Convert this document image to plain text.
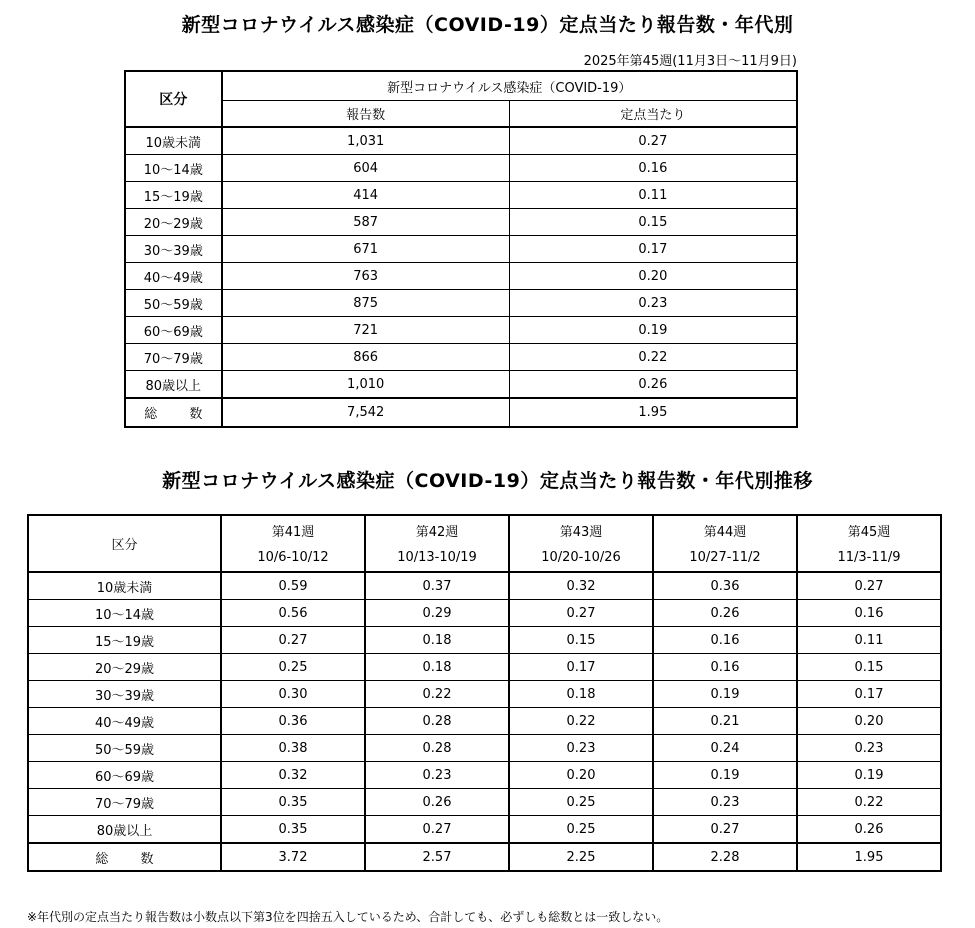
新型コロナウイルス感染症（COVID-19）定点当たり報告数・年代別
2025年第45週(11月3日～11月9日)
区分	新型コロナウイルス感染症（COVID-19）	
	報告数	定点当たり
10歳未満	1,031	0.27
10～14歳	604	0.16
15～19歳	414	0.11
20～29歳	587	0.15
30～39歳	671	0.17
40～49歳	763	0.20
50～59歳	875	0.23
60～69歳	721	0.19
70～79歳	866	0.22
80歳以上	1,010	0.26
総 数	7,542	1.95
新型コロナウイルス感染症（COVID-19）定点当たり報告数・年代別推移
区分	第41週	第42週	第43週	第44週	第45週
	10/6-10/12	10/13-10/19	10/20-10/26	10/27-11/2	11/3-11/9
10歳未満	0.59	0.37	0.32	0.36	0.27
10～14歳	0.56	0.29	0.27	0.26	0.16
15～19歳	0.27	0.18	0.15	0.16	0.11
20～29歳	0.25	0.18	0.17	0.16	0.15
30～39歳	0.30	0.22	0.18	0.19	0.17
40～49歳	0.36	0.28	0.22	0.21	0.20
50～59歳	0.38	0.28	0.23	0.24	0.23
60～69歳	0.32	0.23	0.20	0.19	0.19
70～79歳	0.35	0.26	0.25	0.23	0.22
80歳以上	0.35	0.27	0.25	0.27	0.26
総 数	3.72	2.57	2.25	2.28	1.95
※年代別の定点当たり報告数は小数点以下第3位を四捨五入しているため、合計しても、必ずしも総数とは一致しない。
